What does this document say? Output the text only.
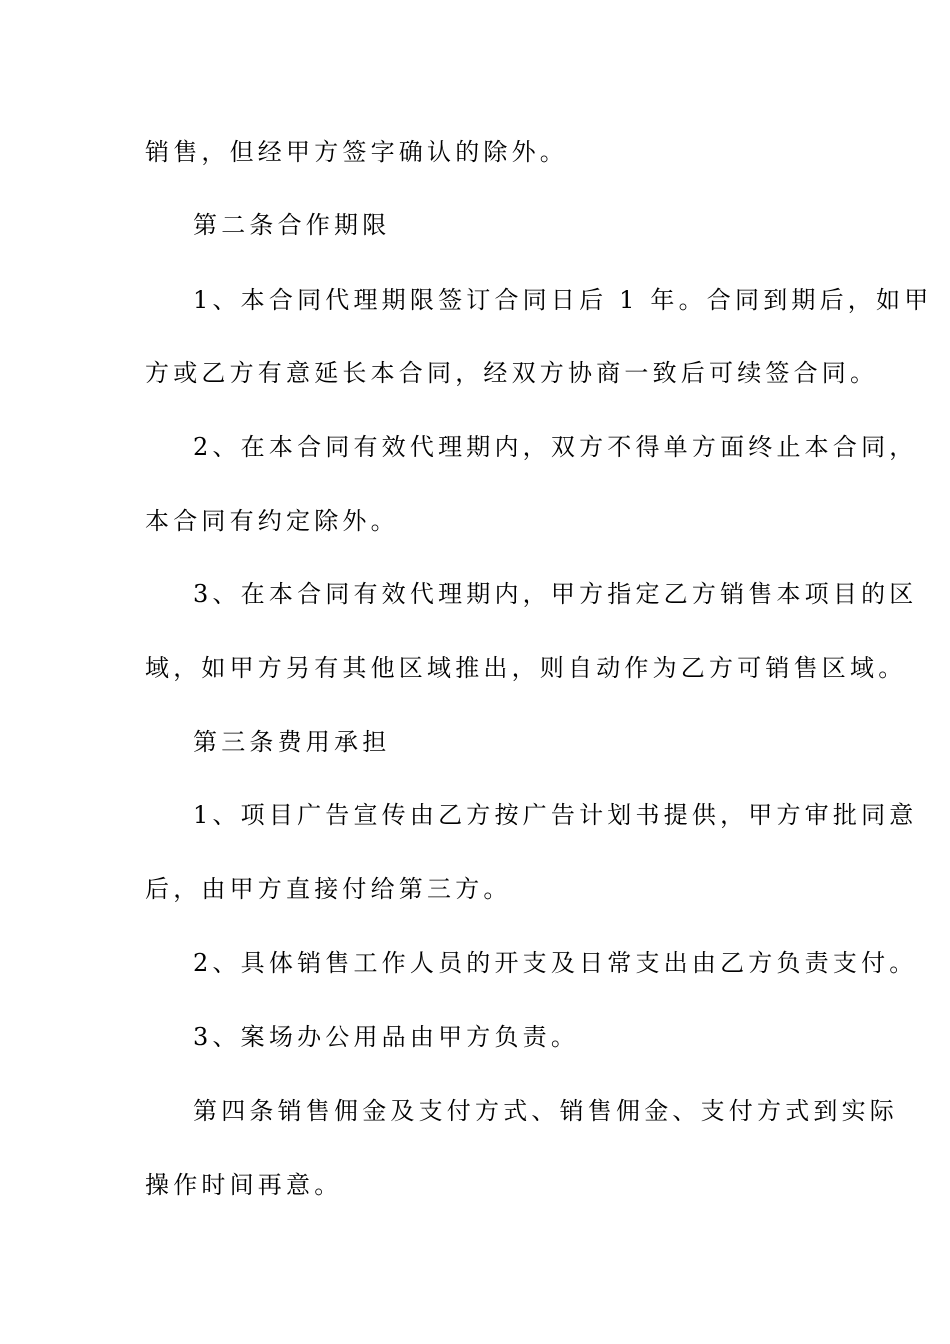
销售，但经甲方签字确认的除外。

第二条合作期限

1、本合同代理期限签订合同日后 1 年。合同到期后，如甲

方或乙方有意延长本合同，经双方协商一致后可续签合同。

2、在本合同有效代理期内，双方不得单方面终止本合同，

本合同有约定除外。

3、在本合同有效代理期内，甲方指定乙方销售本项目的区

域，如甲方另有其他区域推出，则自动作为乙方可销售区域。

第三条费用承担

1、项目广告宣传由乙方按广告计划书提供，甲方审批同意

后，由甲方直接付给第三方。

2、具体销售工作人员的开支及日常支出由乙方负责支付。

3、案场办公用品由甲方负责。

第四条销售佣金及支付方式、销售佣金、支付方式到实际

操作时间再意。
